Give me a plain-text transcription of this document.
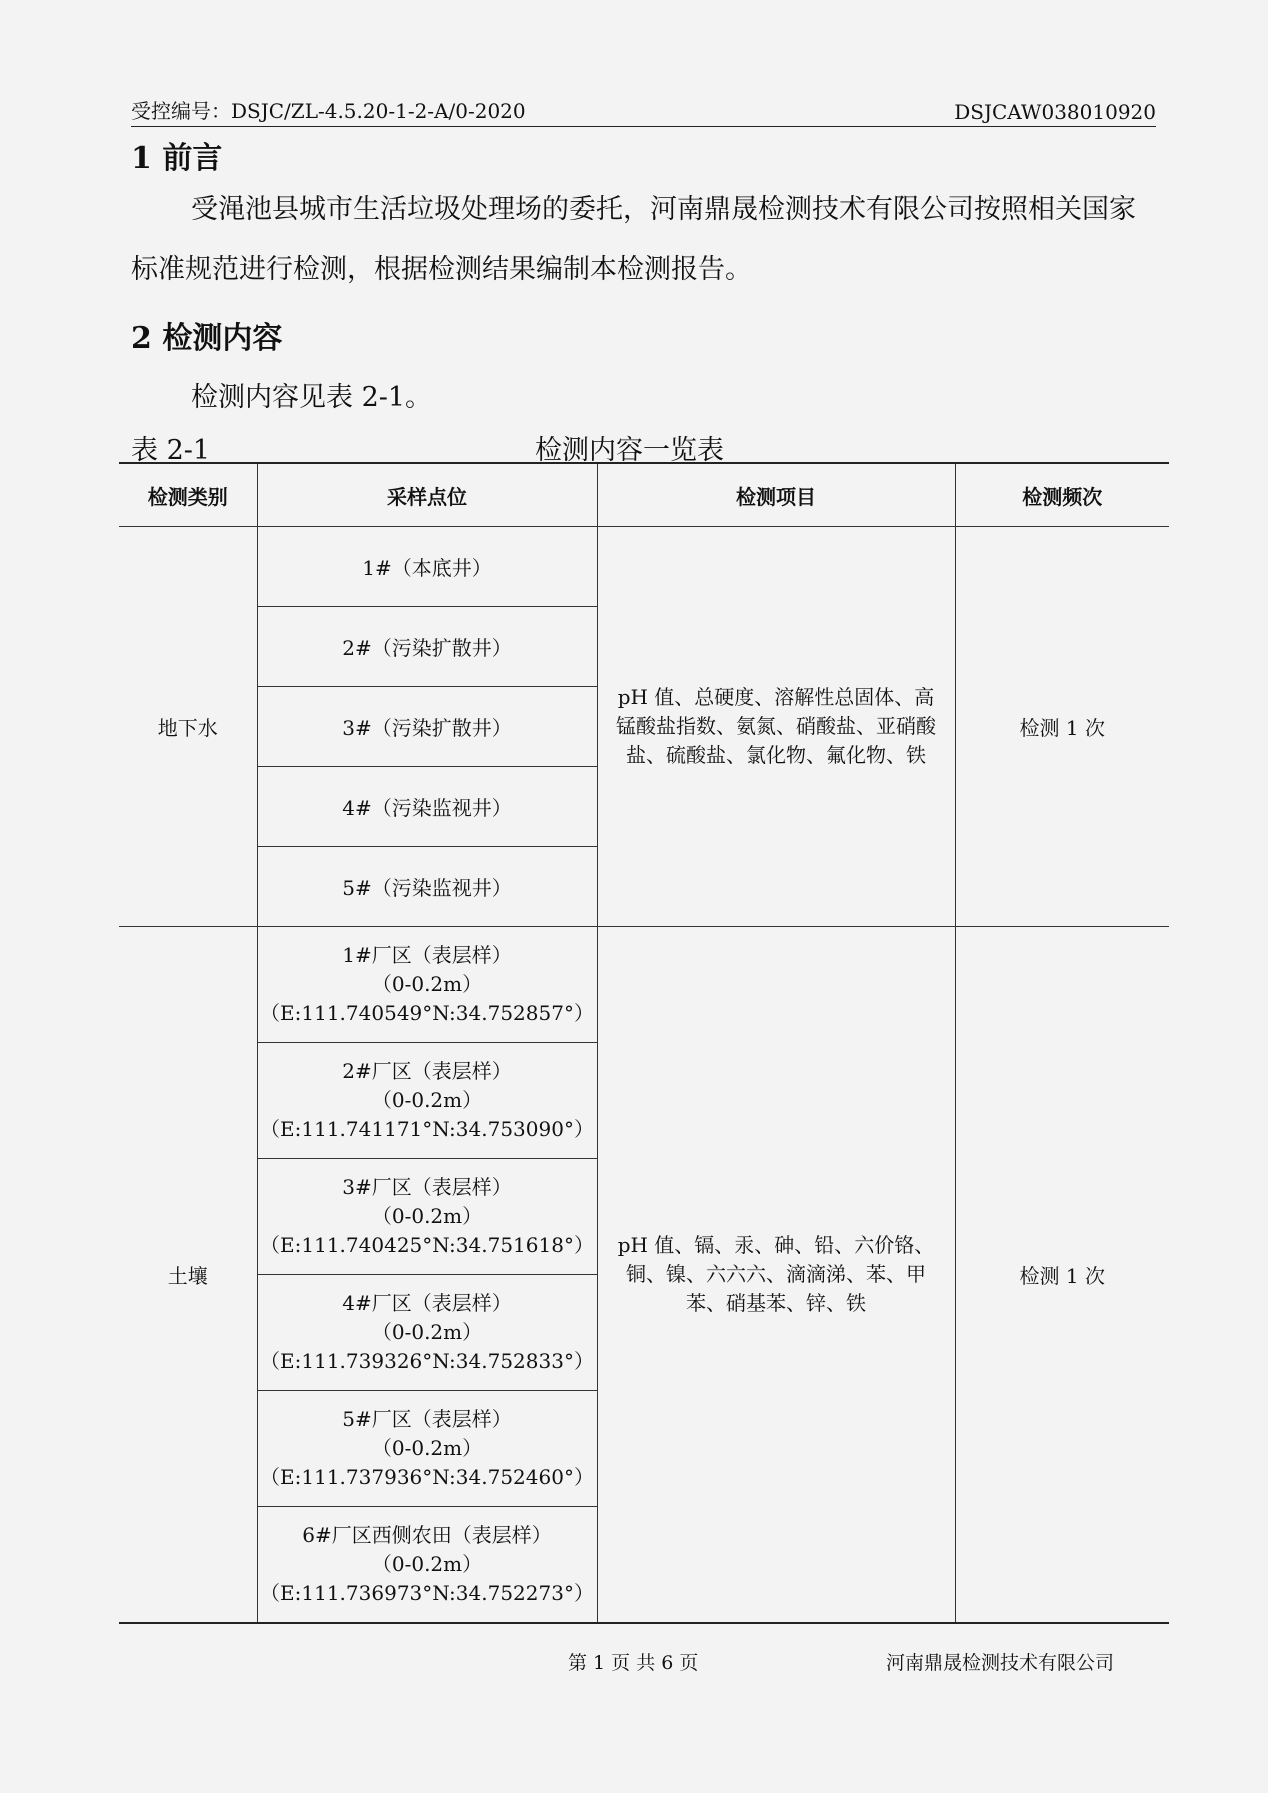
受控编号：DSJC/ZL-4.5.20-1-2-A/0-2020	DSJCAW038010920
1 前言
受渑池县城市生活垃圾处理场的委托，河南鼎晟检测技术有限公司按照相关国家标准规范进行检测，根据检测结果编制本检测报告。
2 检测内容
检测内容见表 2-1。
表 2-1	检测内容一览表
检测类别	采样点位	检测项目	检测频次
地下水	1#（本底井）	pH 值、总硬度、溶解性总固体、高锰酸盐指数、氨氮、硝酸盐、亚硝酸盐、硫酸盐、氯化物、氟化物、铁	检测 1 次
	2#（污染扩散井）		
	3#（污染扩散井）		
	4#（污染监视井）		
	5#（污染监视井）		
土壤	1#厂区（表层样）
（0-0.2m）
（E:111.740549°N:34.752857°）	pH 值、镉、汞、砷、铅、六价铬、铜、镍、六六六、滴滴涕、苯、甲苯、硝基苯、锌、铁	检测 1 次

	2#厂区（表层样）
（0-0.2m）
（E:111.741171°N:34.753090°）		

	3#厂区（表层样）
（0-0.2m）
（E:111.740425°N:34.751618°）		

	4#厂区（表层样）
（0-0.2m）
（E:111.739326°N:34.752833°）		

	5#厂区（表层样）
（0-0.2m）
（E:111.737936°N:34.752460°）		

	6#厂区西侧农田（表层样）
（0-0.2m）
（E:111.736973°N:34.752273°）		
第 1 页 共 6 页	河南鼎晟检测技术有限公司
